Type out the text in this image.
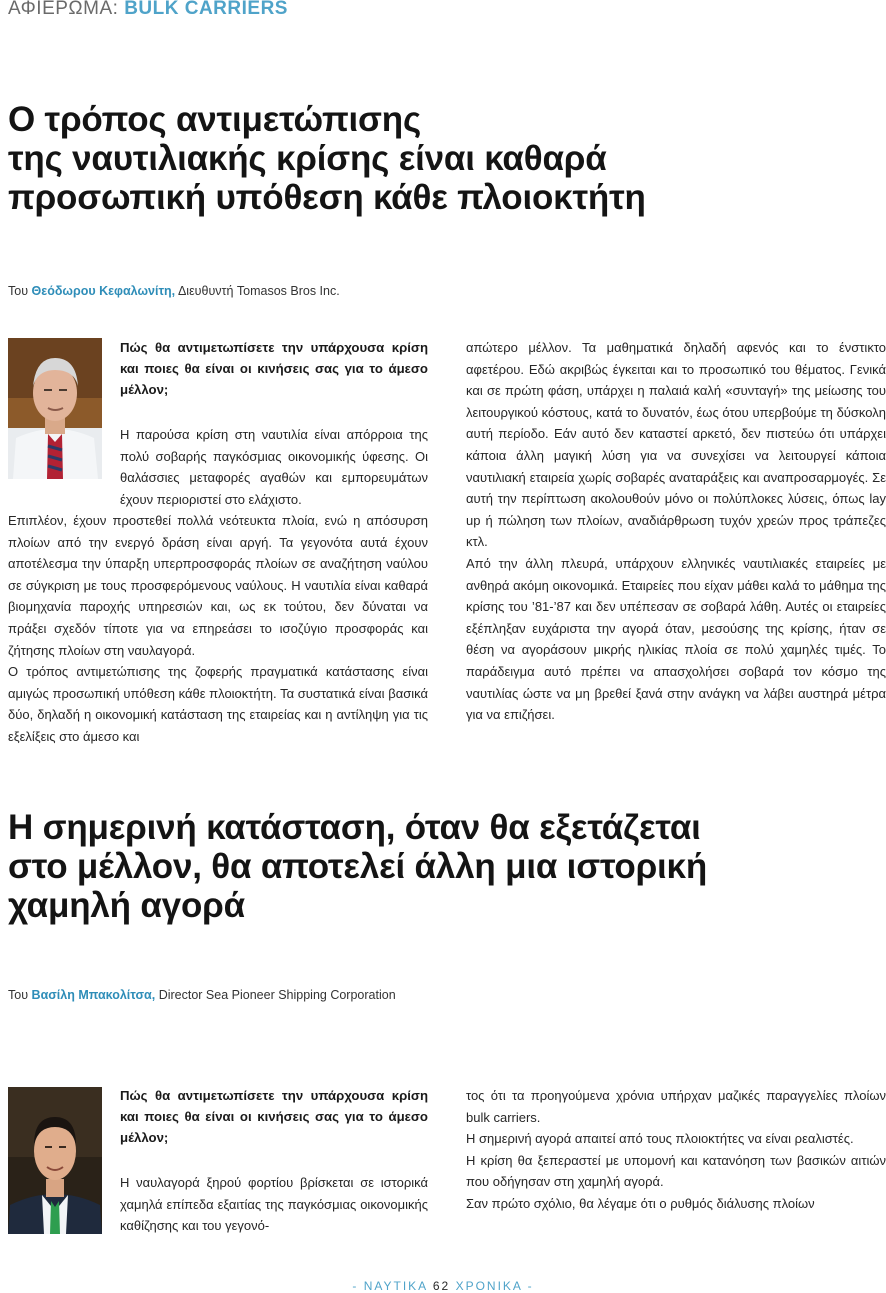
ΑΦΙΕΡΩΜΑ: BULK CARRIERS
Ο τρόπος αντιμετώπισης
της ναυτιλιακής κρίσης είναι καθαρά
προσωπική υπόθεση κάθε πλοιοκτήτη
Του Θεόδωρου Κεφαλωνίτη, Διευθυντή Tomasos Bros Inc.
Πώς θα αντιμετωπίσετε την υπάρχουσα κρίση και ποιες θα είναι οι κινήσεις σας για το άμεσο μέλλον;
Η παρούσα κρίση στη ναυτιλία είναι απόρροια της πολύ σοβαρής παγκόσμιας οικονομικής ύφεσης. Οι θαλάσσιες μεταφορές αγαθών και εμπορευμάτων έχουν περιοριστεί στο ελάχιστο.

Επιπλέον, έχουν προστεθεί πολλά νεότευκτα πλοία, ενώ η απόσυρση πλοίων από την ενεργό δράση είναι αργή. Τα γεγονότα αυτά έχουν αποτέλεσμα την ύπαρξη υπερπροσφοράς πλοίων σε αναζήτηση ναύλου σε σύγκριση με τους προσφερόμενους ναύλους. Η ναυτιλία είναι καθαρά βιομηχανία παροχής υπηρεσιών και, ως εκ τούτου, δεν δύναται να πράξει σχεδόν τίποτε για να επηρεάσει το ισοζύγιο προσφοράς και ζήτησης πλοίων στη ναυλαγορά.

Ο τρόπος αντιμετώπισης της ζοφερής πραγματικά κατάστασης είναι αμιγώς προσωπική υπόθεση κάθε πλοιοκτήτη. Τα συστατικά είναι βασικά δύο, δηλαδή η οικονομική κατάσταση της εταιρείας και η αντίληψη για τις εξελίξεις στο άμεσο και

απώτερο μέλλον. Τα μαθηματικά δηλαδή αφενός και το ένστικτο αφετέρου. Εδώ ακριβώς έγκειται και το προσωπικό του θέματος. Γενικά και σε πρώτη φάση, υπάρχει η παλαιά καλή «συνταγή» της μείωσης του λειτουργικού κόστους, κατά το δυνατόν, έως ότου υπερβούμε τη δύσκολη αυτή περίοδο. Εάν αυτό δεν καταστεί αρκετό, δεν πιστεύω ότι υπάρχει κάποια άλλη μαγική λύση για να συνεχίσει να λειτουργεί κάποια ναυτιλιακή εταιρεία χωρίς σοβαρές αναταράξεις και αναπροσαρμογές. Σε αυτή την περίπτωση ακολουθούν μόνο οι πολύπλοκες λύσεις, όπως lay up ή πώληση των πλοίων, αναδιάρθρωση τυχόν χρεών προς τράπεζες κτλ.

Από την άλλη πλευρά, υπάρχουν ελληνικές ναυτιλιακές εταιρείες με ανθηρά ακόμη οικονομικά. Εταιρείες που είχαν μάθει καλά το μάθημα της κρίσης του ’81-’87 και δεν υπέπεσαν σε σοβαρά λάθη. Αυτές οι εταιρείες εξέπληξαν ευχάριστα την αγορά όταν, μεσούσης της κρίσης, ήταν σε θέση να αγοράσουν μικρής ηλικίας πλοία σε πολύ χαμηλές τιμές. Το παράδειγμα αυτό πρέπει να απασχολήσει σοβαρά τον κόσμο της ναυτιλίας ώστε να μη βρεθεί ξανά στην ανάγκη να λάβει αυστηρά μέτρα για να επιζήσει.

Η σημερινή κατάσταση, όταν θα εξετάζεται
στο μέλλον, θα αποτελεί άλλη μια ιστορική
χαμηλή αγορά
Του Βασίλη Μπακολίτσα, Director Sea Pioneer Shipping Corporation
Πώς θα αντιμετωπίσετε την υπάρχουσα κρίση και ποιες θα είναι οι κινήσεις σας για το άμεσο μέλλον;
Η ναυλαγορά ξηρού φορτίου βρίσκεται σε ιστορικά χαμηλά επίπεδα εξαιτίας της παγκόσμιας οικονομικής καθίζησης και του γεγονό-

τος ότι τα προηγούμενα χρόνια υπήρχαν μαζικές παραγγελίες πλοίων bulk carriers.

Η σημερινή αγορά απαιτεί από τους πλοιοκτήτες να είναι ρεαλιστές.

Η κρίση θα ξεπεραστεί με υπομονή και κατανόηση των βασικών αιτιών που οδήγησαν στη χαμηλή αγορά.

Σαν πρώτο σχόλιο, θα λέγαμε ότι ο ρυθμός διάλυσης πλοίων

- ΝΑΥΤΙΚΑ 62 ΧΡΟΝΙΚΑ -
